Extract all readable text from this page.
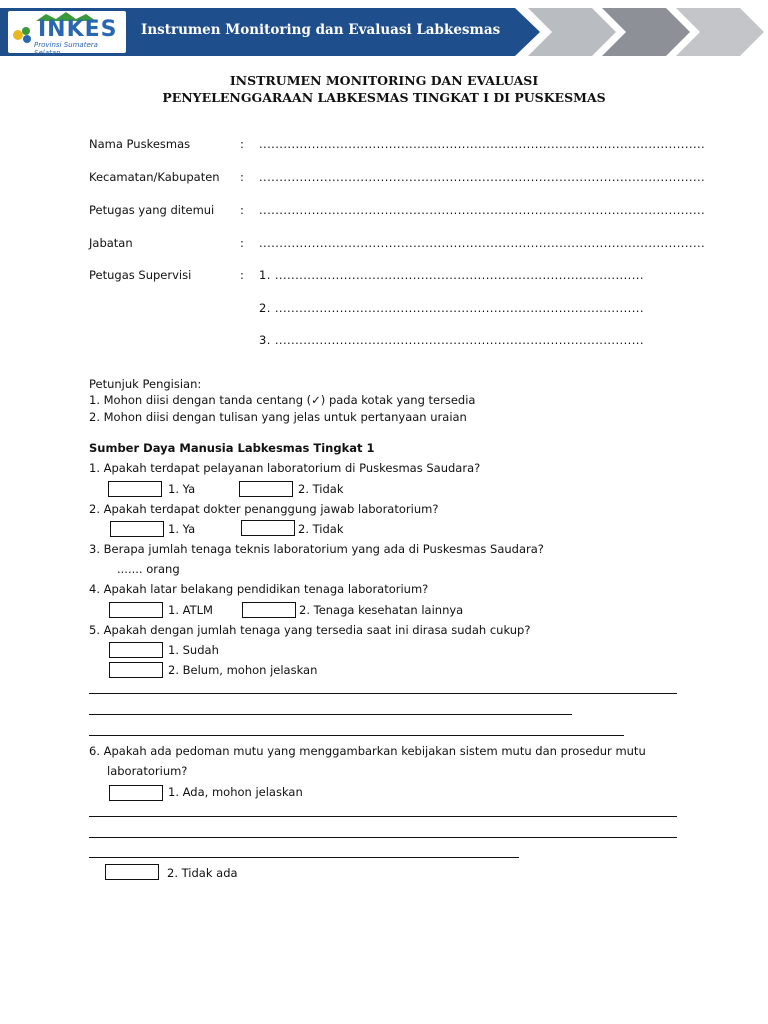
INKES
Provinsi Sumatera Selatan
Instrumen Monitoring dan Evaluasi Labkesmas
INSTRUMEN MONITORING DAN EVALUASI
PENYELENGGARAAN LABKESMAS TINGKAT I DI PUSKESMAS
Nama Puskesmas	: ..............................................................................................................
Kecamatan/Kabupaten : ..............................................................................................................
Petugas yang ditemui : ..............................................................................................................
Jabatan	: ..............................................................................................................
Petugas Supervisi	: 1. ...........................................................................................
2. ...........................................................................................
3. ...........................................................................................
Petunjuk Pengisian:
1. Mohon diisi dengan tanda centang (✓) pada kotak yang tersedia
2. Mohon diisi dengan tulisan yang jelas untuk pertanyaan uraian
Sumber Daya Manusia Labkesmas Tingkat 1
1. Apakah terdapat pelayanan laboratorium di Puskesmas Saudara?
1. Ya	2. Tidak
2. Apakah terdapat dokter penanggung jawab laboratorium?
1. Ya	2. Tidak
3. Berapa jumlah tenaga teknis laboratorium yang ada di Puskesmas Saudara?
....... orang
4. Apakah latar belakang pendidikan tenaga laboratorium?
1. ATLM	2. Tenaga kesehatan lainnya
5. Apakah dengan jumlah tenaga yang tersedia saat ini dirasa sudah cukup?
1. Sudah
2. Belum, mohon jelaskan
6. Apakah ada pedoman mutu yang menggambarkan kebijakan sistem mutu dan prosedur mutu
laboratorium?
1. Ada, mohon jelaskan
2. Tidak ada
